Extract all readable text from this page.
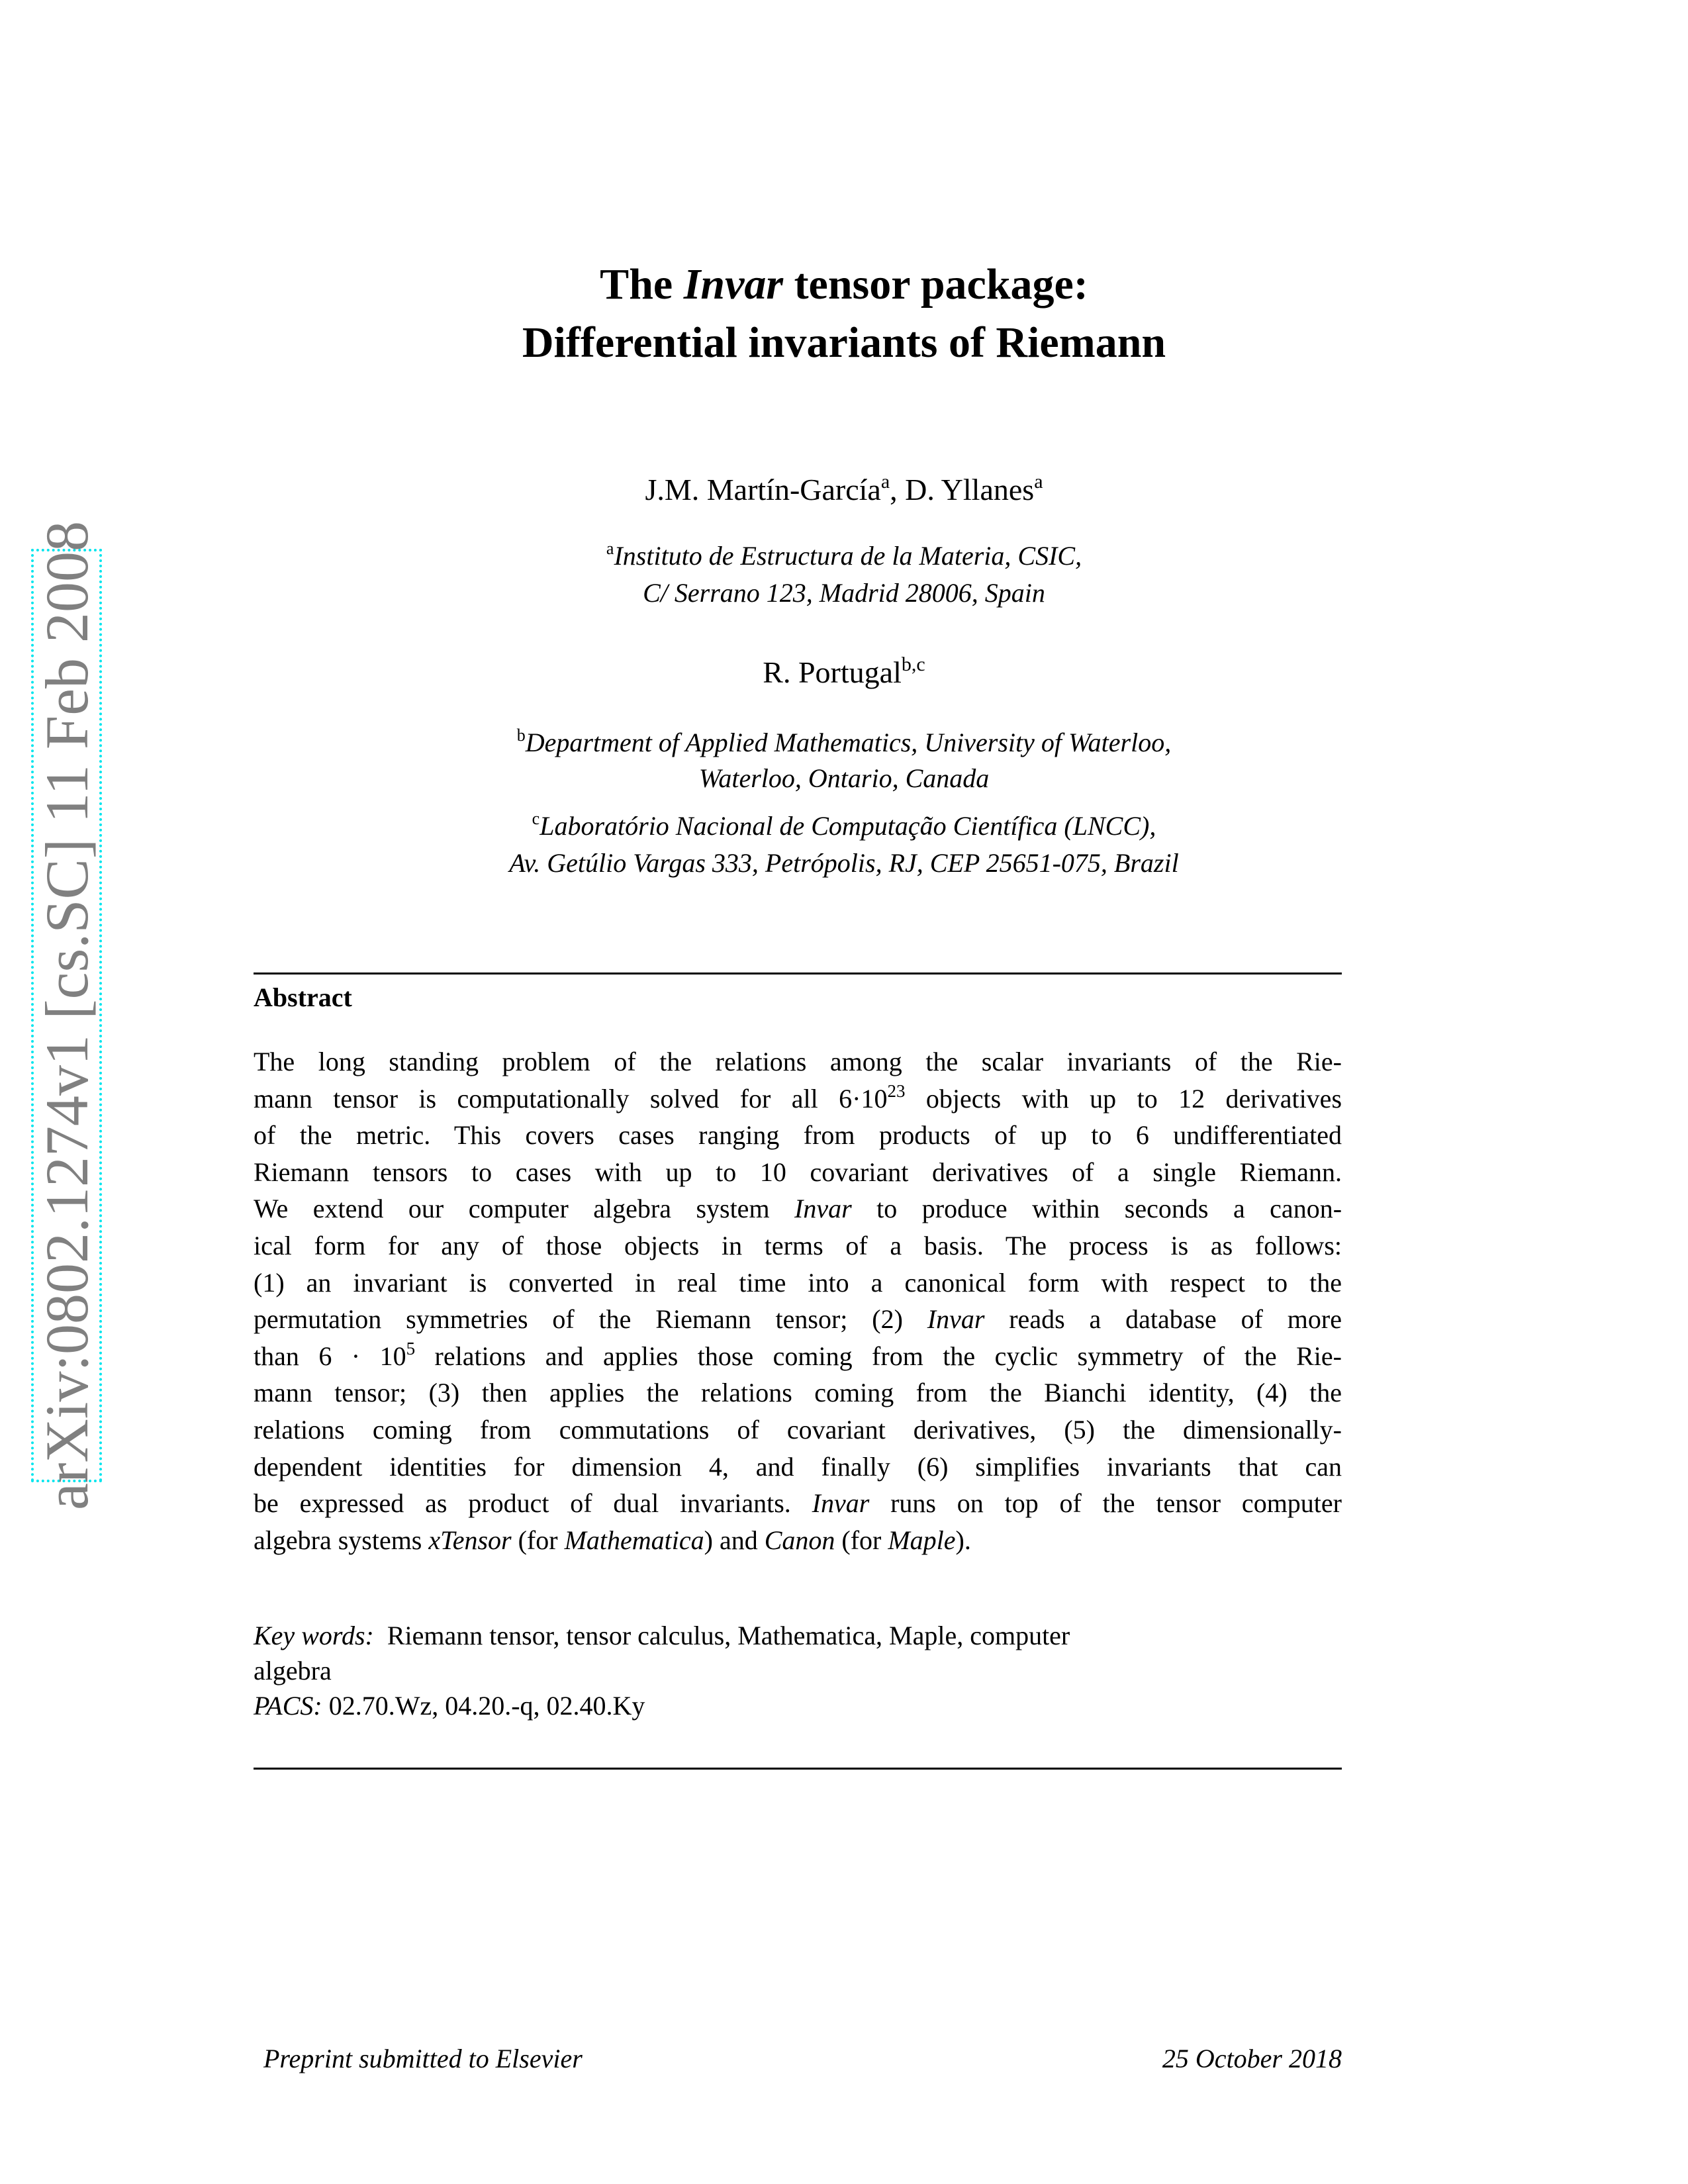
arXiv:0802.1274v1 [cs.SC] 11 Feb 2008
The Invar tensor package:
Differential invariants of Riemann
J.M. Martín-García$^a$, D. Yllanes$^a$
$^a$Instituto de Estructura de la Materia, CSIC,
C/ Serrano 123, Madrid 28006, Spain
R. Portugal$^{b,c}$
$^b$Department of Applied Mathematics, University of Waterloo,
Waterloo, Ontario, Canada
$^c$Laboratório Nacional de Computação Científica (LNCC),
Av. Getúlio Vargas 333, Petrópolis, RJ, CEP 25651-075, Brazil
Abstract
The long standing problem of the relations among the scalar invariants of the Rie-
mann tensor is computationally solved for all $6\cdot 10^{23}$ objects with up to 12 derivatives
of the metric. This covers cases ranging from products of up to 6 undifferentiated
Riemann tensors to cases with up to 10 covariant derivatives of a single Riemann.
We extend our computer algebra system Invar to produce within seconds a canon-
ical form for any of those objects in terms of a basis. The process is as follows:
(1) an invariant is converted in real time into a canonical form with respect to the
permutation symmetries of the Riemann tensor; (2) Invar reads a database of more
than $6 \cdot 10^5$ relations and applies those coming from the cyclic symmetry of the Rie-
mann tensor; (3) then applies the relations coming from the Bianchi identity, (4) the
relations coming from commutations of covariant derivatives, (5) the dimensionally-
dependent identities for dimension 4, and finally (6) simplifies invariants that can
be expressed as product of dual invariants. Invar runs on top of the tensor computer
algebra systems xTensor (for Mathematica) and Canon (for Maple).
Key words: Riemann tensor, tensor calculus, Mathematica, Maple, computer
algebra
PACS: 02.70.Wz, 04.20.-q, 02.40.Ky
Preprint submitted to Elsevier	25 October 2018
